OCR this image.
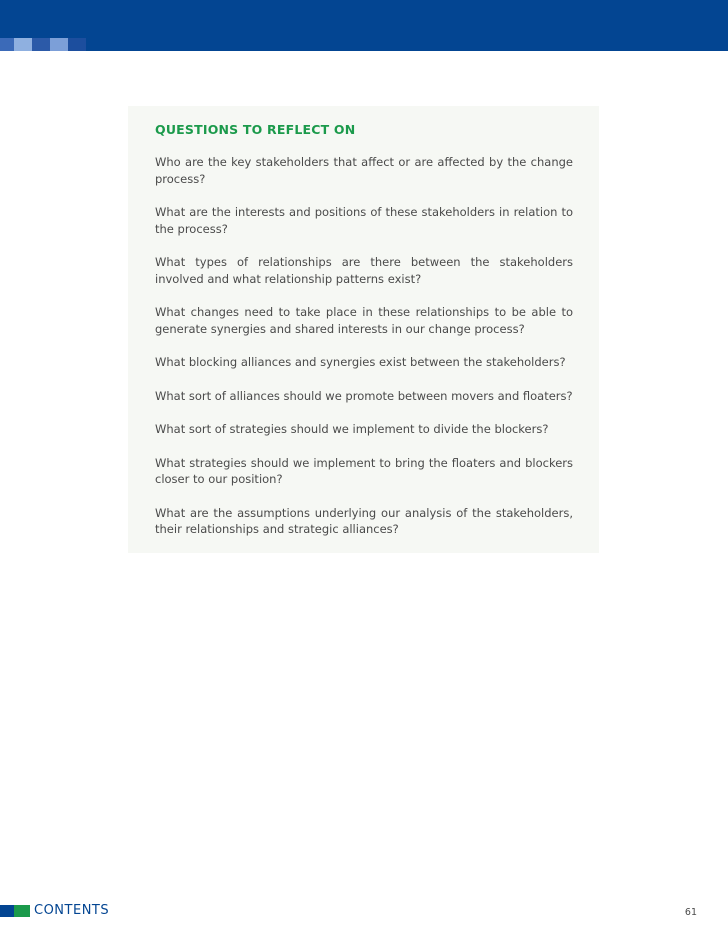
QUESTIONS TO REFLECT ON

Who are the key stakeholders that affect or are affected by the change process?

What are the interests and positions of these stakeholders in relation to the process?

What types of relationships are there between the stakeholders involved and what relationship patterns exist?

What changes need to take place in these relationships to be able to generate synergies and shared interests in our change process?

What blocking alliances and synergies exist between the stakeholders?

What sort of alliances should we promote between movers and floaters?

What sort of strategies should we implement to divide the blockers?

What strategies should we implement to bring the floaters and blockers closer to our position?

What are the assumptions underlying our analysis of the stakeholders, their relationships and strategic alliances?

CONTENTS	61
